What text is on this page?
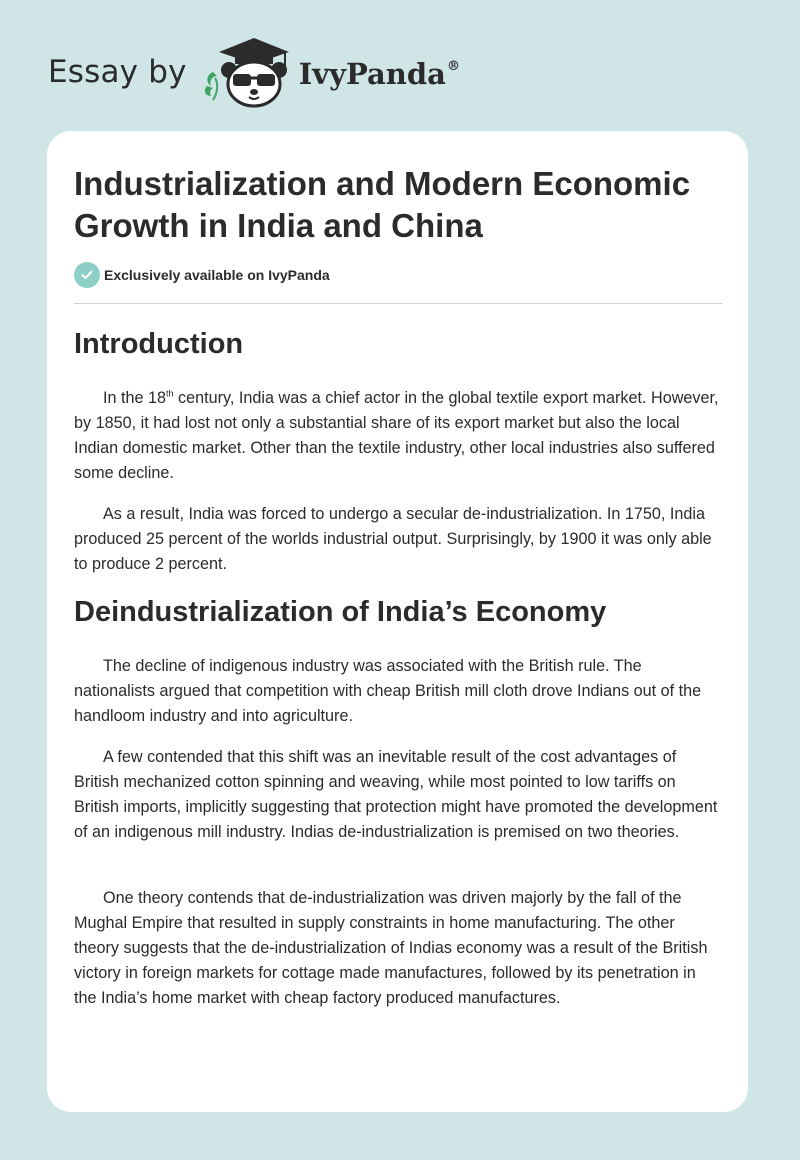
Essay by	IvyPanda®
Industrialization and Modern Economic Growth in India and China
Exclusively available on IvyPanda
Introduction

In the 18th century, India was a chief actor in the global textile export market. However, by 1850, it had lost not only a substantial share of its export market but also the local Indian domestic market. Other than the textile industry, other local industries also suffered some decline.

As a result, India was forced to undergo a secular de-industrialization. In 1750, India produced 25 percent of the worlds industrial output. Surprisingly, by 1900 it was only able to produce 2 percent.

Deindustrialization of India’s Economy

The decline of indigenous industry was associated with the British rule. The nationalists argued that competition with cheap British mill cloth drove Indians out of the handloom industry and into agriculture.

A few contended that this shift was an inevitable result of the cost advantages of British mechanized cotton spinning and weaving, while most pointed to low tariffs on British imports, implicitly suggesting that protection might have promoted the development of an indigenous mill industry. Indias de-industrialization is premised on two theories.

One theory contends that de-industrialization was driven majorly by the fall of the Mughal Empire that resulted in supply constraints in home manufacturing. The other theory suggests that the de-industrialization of Indias economy was a result of the British victory in foreign markets for cottage made manufactures, followed by its penetration in the India’s home market with cheap factory produced manufactures.
